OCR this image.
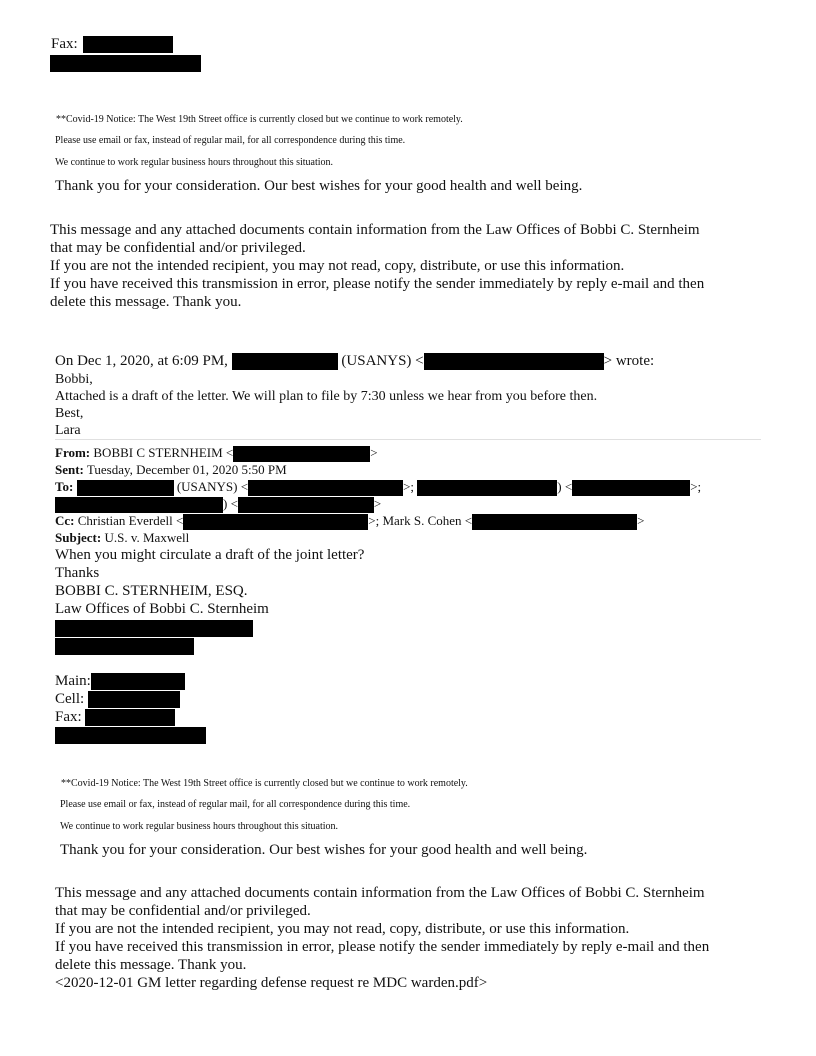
Fax:
**Covid-19 Notice: The West 19th Street office is currently closed but we continue to work remotely.
Please use email or fax, instead of regular mail, for all correspondence during this time.
We continue to work regular business hours throughout this situation.
Thank you for your consideration. Our best wishes for your good health and well being.
This message and any attached documents contain information from the Law Offices of Bobbi C. Sternheim
that may be confidential and/or privileged.
If you are not the intended recipient, you may not read, copy, distribute, or use this information.
If you have received this transmission in error, please notify the sender immediately by reply e-mail and then
delete this message. Thank you.
On Dec 1, 2020, at 6:09 PM,	(USANYS) <	> wrote:
Bobbi,
Attached is a draft of the letter. We will plan to file by 7:30 unless we hear from you before then.
Best,
Lara
From: BOBBI C STERNHEIM <	>
Sent: Tuesday, December 01, 2020 5:50 PM
To:	(USANYS) <	>;	) <	>;
) <	>
Cc: Christian Everdell <	>; Mark S. Cohen <	>
Subject: U.S. v. Maxwell
When you might circulate a draft of the joint letter?
Thanks
BOBBI C. STERNHEIM, ESQ.
Law Offices of Bobbi C. Sternheim
Main:
Cell:
Fax:
**Covid-19 Notice: The West 19th Street office is currently closed but we continue to work remotely.
Please use email or fax, instead of regular mail, for all correspondence during this time.
We continue to work regular business hours throughout this situation.
Thank you for your consideration. Our best wishes for your good health and well being.
This message and any attached documents contain information from the Law Offices of Bobbi C. Sternheim
that may be confidential and/or privileged.
If you are not the intended recipient, you may not read, copy, distribute, or use this information.
If you have received this transmission in error, please notify the sender immediately by reply e-mail and then
delete this message. Thank you.
<2020-12-01 GM letter regarding defense request re MDC warden.pdf>
